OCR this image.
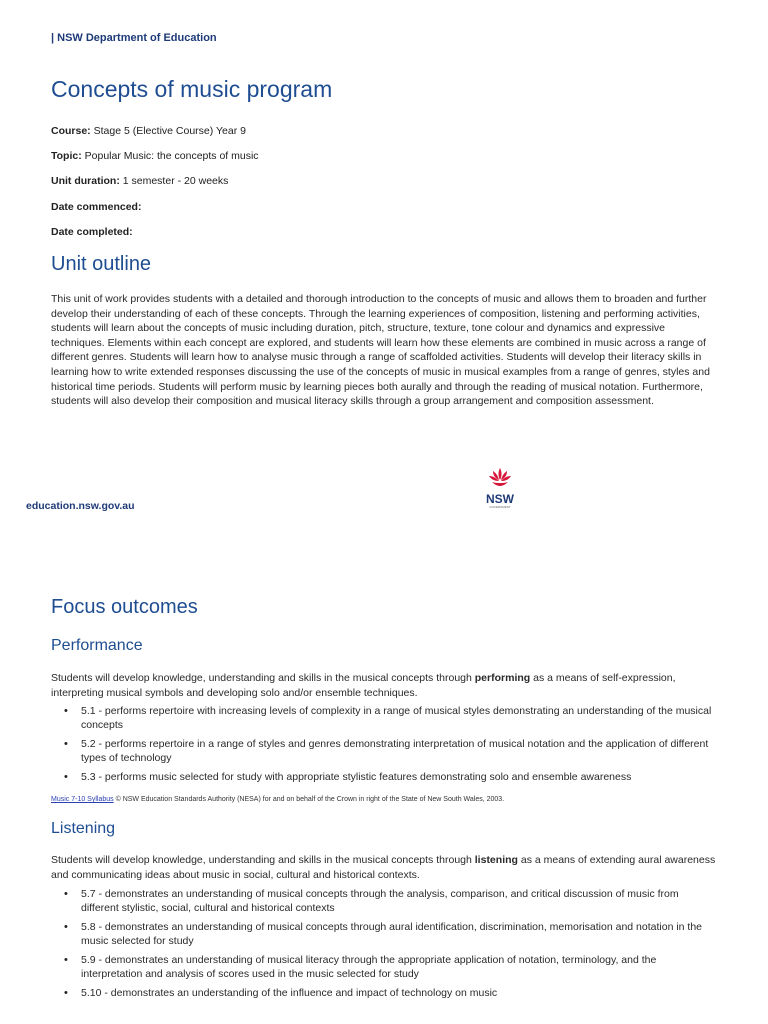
| NSW Department of Education
Concepts of music program
Course: Stage 5 (Elective Course) Year 9
Topic: Popular Music: the concepts of music
Unit duration: 1 semester - 20 weeks
Date commenced:
Date completed:
Unit outline

This unit of work provides students with a detailed and thorough introduction to the concepts of music and allows them to broaden and further develop their understanding of each of these concepts. Through the learning experiences of composition, listening and performing activities, students will learn about the concepts of music including duration, pitch, structure, texture, tone colour and dynamics and expressive techniques. Elements within each concept are explored, and students will learn how these elements are combined in music across a range of different genres. Students will learn how to analyse music through a range of scaffolded activities. Students will develop their literacy skills in learning how to write extended responses discussing the use of the concepts of music in musical examples from a range of genres, styles and historical time periods. Students will perform music by learning pieces both aurally and through the reading of musical notation. Furthermore, students will also develop their composition and musical literacy skills through a group arrangement and composition assessment.

education.nsw.gov.au	NSW
GOVERNMENT
Focus outcomes
Performance

Students will develop knowledge, understanding and skills in the musical concepts through performing as a means of self-expression, interpreting musical symbols and developing solo and/or ensemble techniques.

• 5.1 - performs repertoire with increasing levels of complexity in a range of musical styles demonstrating an understanding of the musical concepts
• 5.2 - performs repertoire in a range of styles and genres demonstrating interpretation of musical notation and the application of different types of technology
• 5.3 - performs music selected for study with appropriate stylistic features demonstrating solo and ensemble awareness
Music 7-10 Syllabus © NSW Education Standards Authority (NESA) for and on behalf of the Crown in right of the State of New South Wales, 2003.
Listening

Students will develop knowledge, understanding and skills in the musical concepts through listening as a means of extending aural awareness and communicating ideas about music in social, cultural and historical contexts.

• 5.7 - demonstrates an understanding of musical concepts through the analysis, comparison, and critical discussion of music from different stylistic, social, cultural and historical contexts
• 5.8 - demonstrates an understanding of musical concepts through aural identification, discrimination, memorisation and notation in the music selected for study
• 5.9 - demonstrates an understanding of musical literacy through the appropriate application of notation, terminology, and the interpretation and analysis of scores used in the music selected for study
• 5.10 - demonstrates an understanding of the influence and impact of technology on music
